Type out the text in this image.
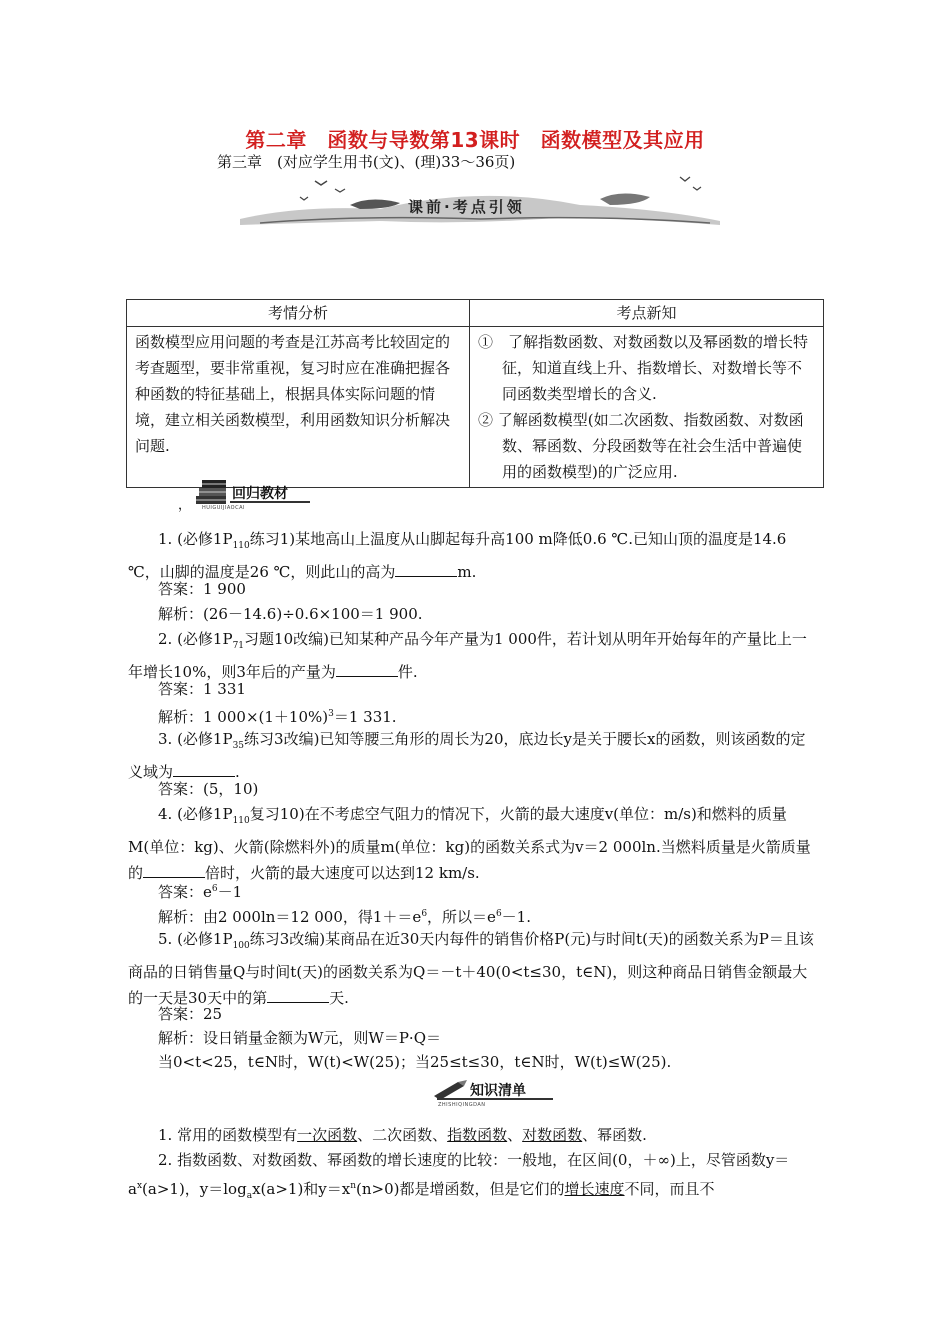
第二章　函数与导数第13课时　函数模型及其应用
第三章　(对应学生用书(文)、(理)33～36页)
课前·考点引领
考情分析	考点新知
函数模型应用问题的考查是江苏高考比较固定的考查题型，要非常重视，复习时应在准确把握各种函数的特征基础上，根据具体实际问题的情境，建立相关函数模型，利用函数知识分析解决问题.	①　了解指数函数、对数函数以及幂函数的增长特征，知道直线上升、指数增长、对数增长等不同函数类型增长的含义.
② 了解函数模型(如二次函数、指数函数、对数函数、幂函数、分段函数等在社会生活中普遍使用的函数模型)的广泛应用.
，
回归教材
HUIGUIJIAOCAI
1. (必修$1P_{110}$练习1)某地高山上温度从山脚起每升高100 m降低0.6 ℃.已知山顶的温度是14.6 ℃，山脚的温度是26 ℃，则此山的高为	m.
答案：1 900
解析：(26－14.6)÷0.6×100＝1 900.
2. (必修$1P_{71}$习题10改编)已知某种产品今年产量为1 000件，若计划从明年开始每年的产量比上一年增长10%，则3年后的产量为	件.
答案：1 331
解析：1 $000\times(1+10\%)^3=1$ 331.
3. (必修$1P_{35}$练习3改编)已知等腰三角形的周长为20，底边长y是关于腰长x的函数，则该函数的定义域为	.
答案：(5，10)
4. (必修$1P_{110}$复习10)在不考虑空气阻力的情况下，火箭的最大速度v(单位：m/s)和燃料的质量M(单位：kg)、火箭(除燃料外)的质量m(单位：kg)的函数关系式为v＝2 000ln.当燃料质量是火箭质量的	倍时，火箭的最大速度可以达到12 km/s.
答案：$e^6-1$
解析：由2 000ln＝12 000，得$1+=e^6$，所以$=e^6-1$.
5. (必修$1P_{100}$练习3改编)某商品在近30天内每件的销售价格P(元)与时间t(天)的函数关系为P＝且该商品的日销售量Q与时间t(天)的函数关系为Q＝－t＋40(0<t≤30，t∈N)，则这种商品日销售金额最大的一天是30天中的第	天.
答案：25
解析：设日销量金额为W元，则W＝P·Q＝
当0<t<25，t∈N时，W(t)<W(25)；当25≤t≤30，t∈N时，W(t)≤W(25).
知识清单
ZHISHIQINGDAN
1. 常用的函数模型有一次函数、二次函数、指数函数、对数函数、幂函数.
2. 指数函数、对数函数、幂函数的增长速度的比较：一般地，在区间(0，＋∞)上，尽管函数$y=a^x(a>1)$，$y=\log_ax(a>1)$和$y=x^n(n>0)$都是增函数，但是它们的增长速度不同，而且不
